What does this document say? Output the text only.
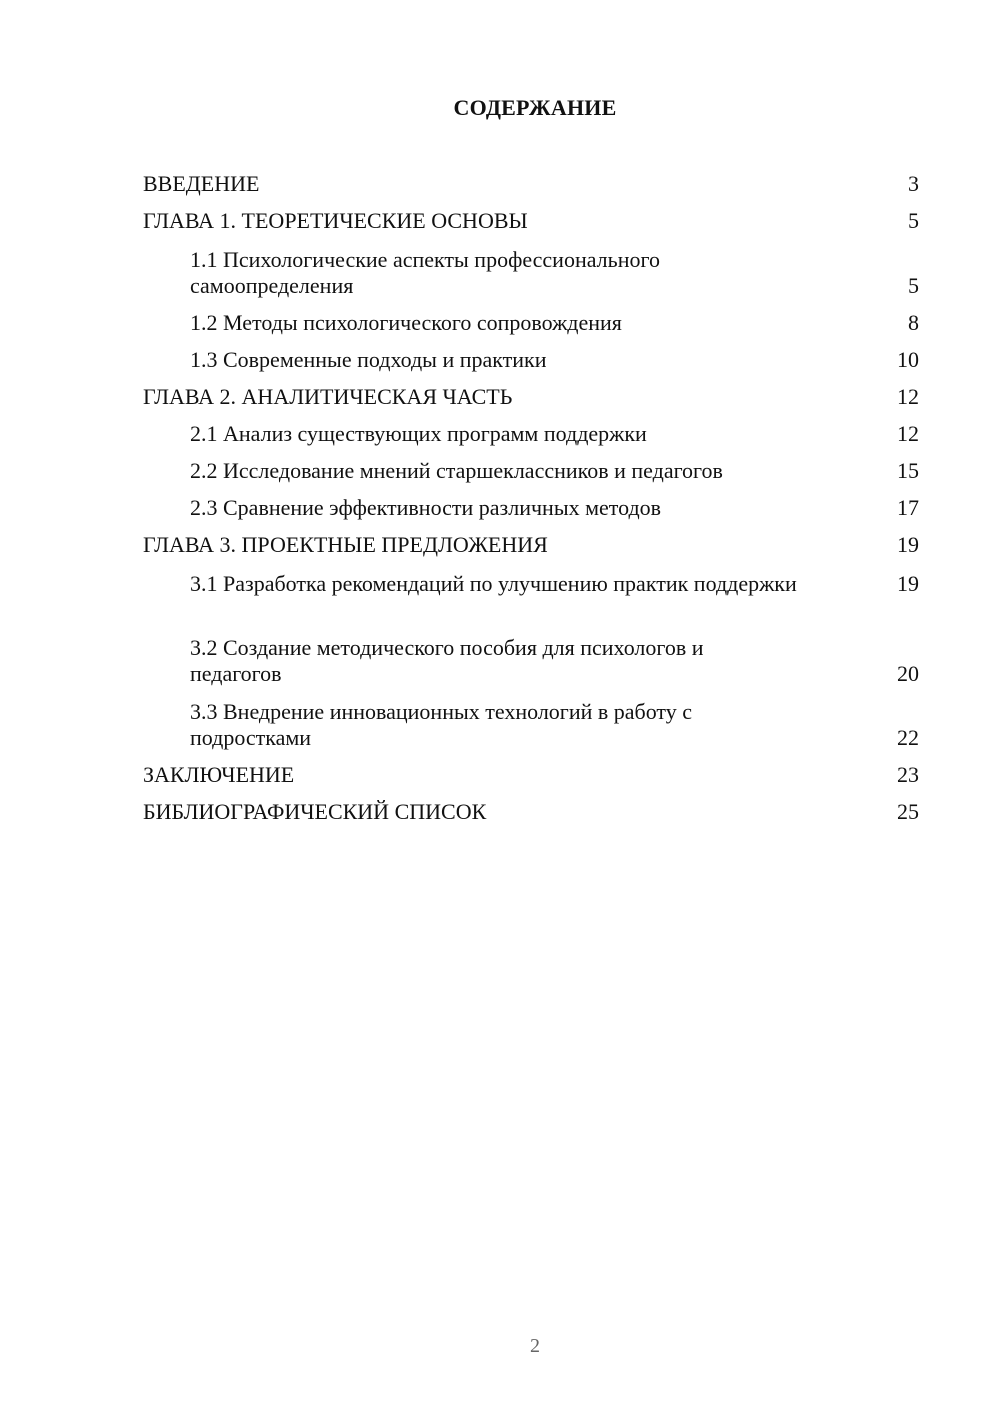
СОДЕРЖАНИЕ
ВВЕДЕНИЕ	3
ГЛАВА 1. ТЕОРЕТИЧЕСКИЕ ОСНОВЫ	5
1.1 Психологические аспекты профессионального самоопределения	5
1.2 Методы психологического сопровождения	8
1.3 Современные подходы и практики	10
ГЛАВА 2. АНАЛИТИЧЕСКАЯ ЧАСТЬ	12
2.1 Анализ существующих программ поддержки	12
2.2 Исследование мнений старшеклассников и педагогов	15
2.3 Сравнение эффективности различных методов	17
ГЛАВА 3. ПРОЕКТНЫЕ ПРЕДЛОЖЕНИЯ	19
3.1 Разработка рекомендаций по улучшению практик поддержки	19
3.2 Создание методического пособия для психологов и педагогов	20
3.3 Внедрение инновационных технологий в работу с подростками	22
ЗАКЛЮЧЕНИЕ	23
БИБЛИОГРАФИЧЕСКИЙ СПИСОК	25
2
